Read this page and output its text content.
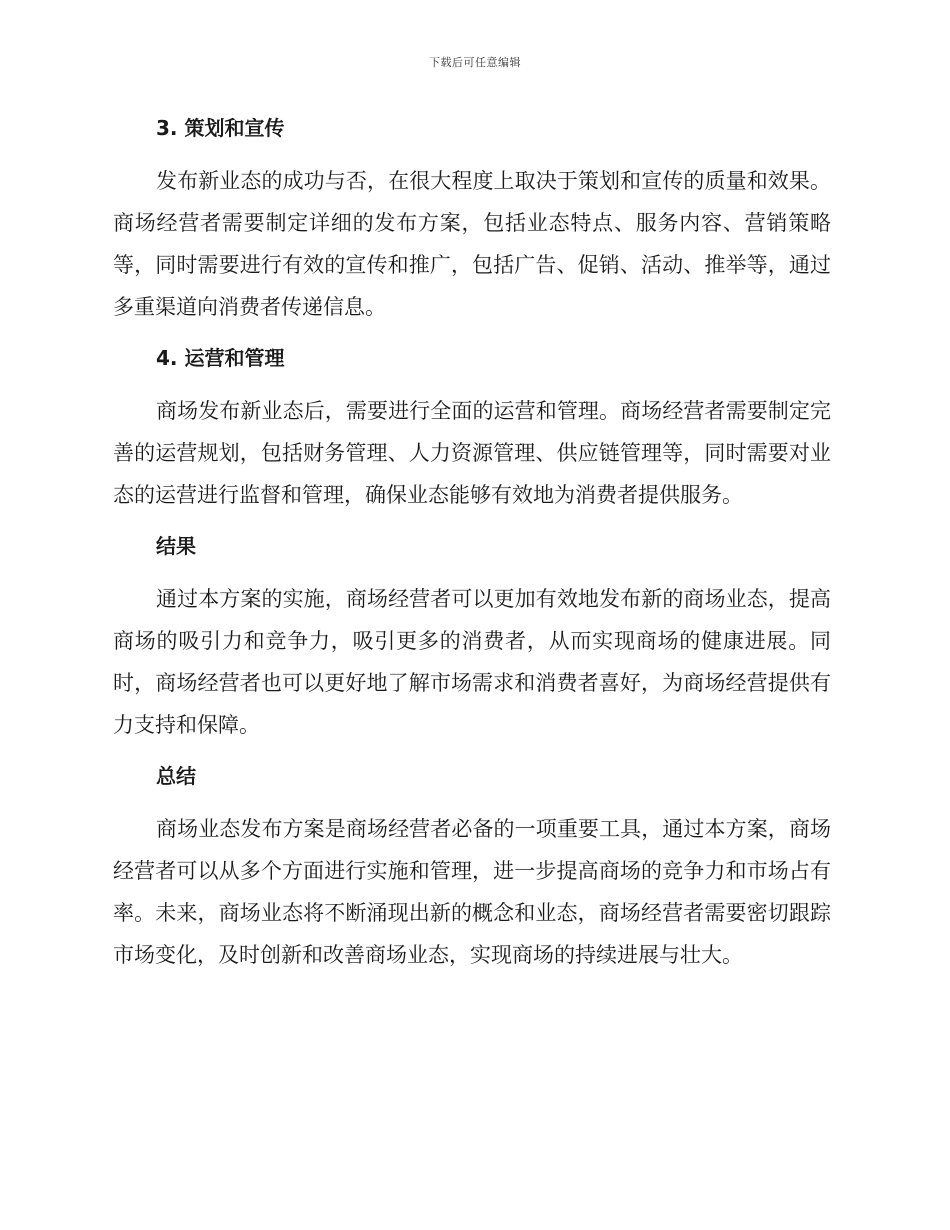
下载后可任意编辑
3. 策划和宣传

发布新业态的成功与否，在很大程度上取决于策划和宣传的质量和效果。商场经营者需要制定详细的发布方案，包括业态特点、服务内容、营销策略等，同时需要进行有效的宣传和推广，包括广告、促销、活动、推举等，通过多重渠道向消费者传递信息。

4. 运营和管理

商场发布新业态后，需要进行全面的运营和管理。商场经营者需要制定完善的运营规划，包括财务管理、人力资源管理、供应链管理等，同时需要对业态的运营进行监督和管理，确保业态能够有效地为消费者提供服务。

结果

通过本方案的实施，商场经营者可以更加有效地发布新的商场业态，提高商场的吸引力和竞争力，吸引更多的消费者，从而实现商场的健康进展。同时，商场经营者也可以更好地了解市场需求和消费者喜好，为商场经营提供有力支持和保障。

总结

商场业态发布方案是商场经营者必备的一项重要工具，通过本方案，商场经营者可以从多个方面进行实施和管理，进一步提高商场的竞争力和市场占有率。未来，商场业态将不断涌现出新的概念和业态，商场经营者需要密切跟踪市场变化，及时创新和改善商场业态，实现商场的持续进展与壮大。
